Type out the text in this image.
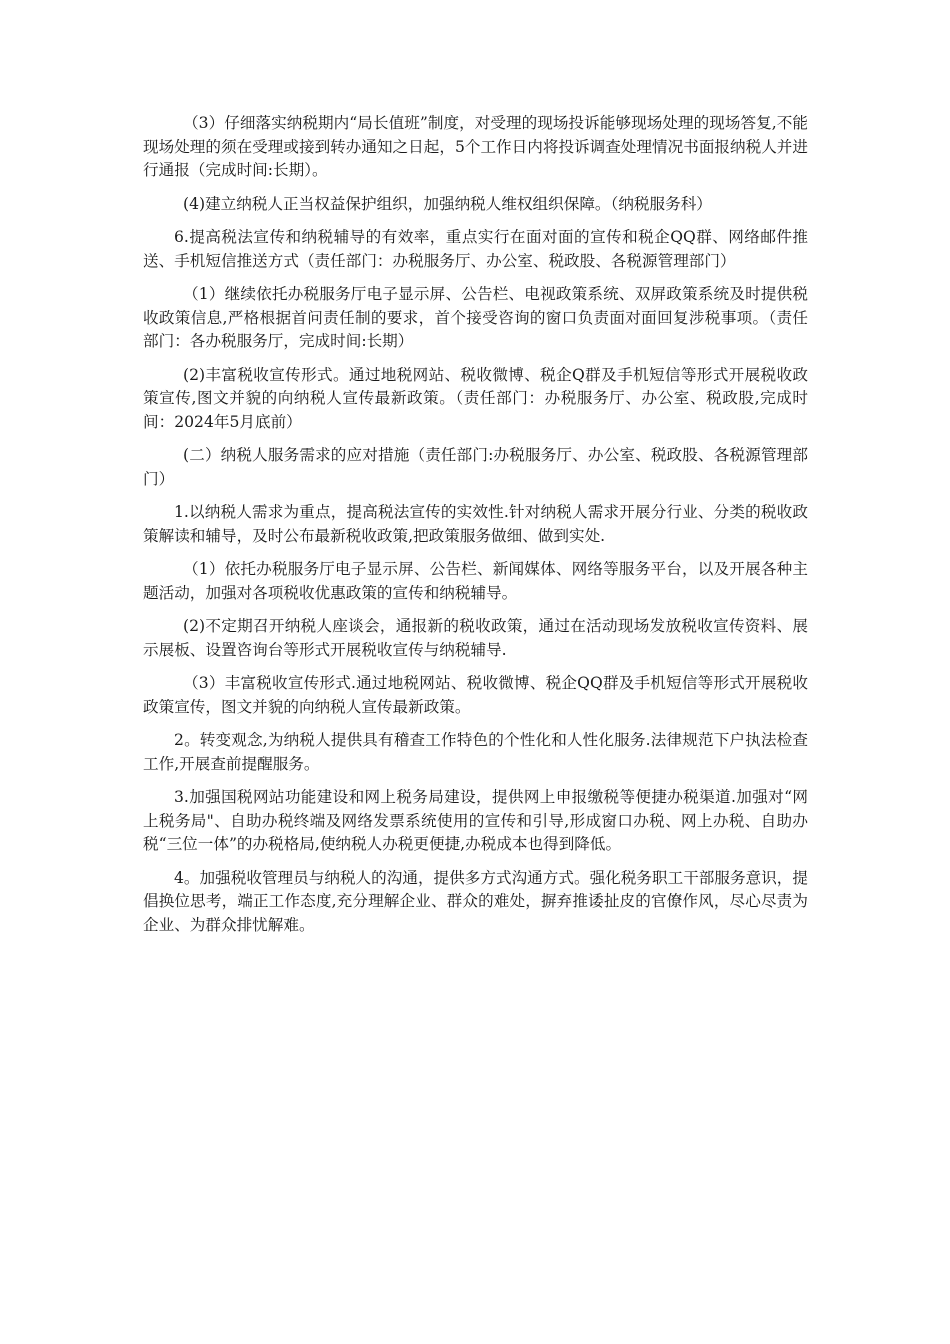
（3）仔细落实纳税期内“局长值班”制度，对受理的现场投诉能够现场处理的现场答复,不能现场处理的须在受理或接到转办通知之日起，5个工作日内将投诉调查处理情况书面报纳税人并进行通报（完成时间:长期）。

(4)建立纳税人正当权益保护组织，加强纳税人维权组织保障。（纳税服务科）

6.提高税法宣传和纳税辅导的有效率，重点实行在面对面的宣传和税企QQ群、网络邮件推送、手机短信推送方式（责任部门：办税服务厅、办公室、税政股、各税源管理部门）

（1）继续依托办税服务厅电子显示屏、公告栏、电视政策系统、双屏政策系统及时提供税收政策信息,严格根据首问责任制的要求，首个接受咨询的窗口负责面对面回复涉税事项。（责任部门：各办税服务厅，完成时间:长期）

(2)丰富税收宣传形式。通过地税网站、税收微博、税企Q群及手机短信等形式开展税收政策宣传,图文并貌的向纳税人宣传最新政策。（责任部门：办税服务厅、办公室、税政股,完成时间：2024年5月底前）

(二）纳税人服务需求的应对措施（责任部门:办税服务厅、办公室、税政股、各税源管理部门）

1.以纳税人需求为重点，提高税法宣传的实效性.针对纳税人需求开展分行业、分类的税收政策解读和辅导，及时公布最新税收政策,把政策服务做细、做到实处.

（1）依托办税服务厅电子显示屏、公告栏、新闻媒体、网络等服务平台，以及开展各种主题活动，加强对各项税收优惠政策的宣传和纳税辅导。

(2)不定期召开纳税人座谈会，通报新的税收政策，通过在活动现场发放税收宣传资料、展示展板、设置咨询台等形式开展税收宣传与纳税辅导.

（3）丰富税收宣传形式.通过地税网站、税收微博、税企QQ群及手机短信等形式开展税收政策宣传，图文并貌的向纳税人宣传最新政策。

2。转变观念,为纳税人提供具有稽查工作特色的个性化和人性化服务.法律规范下户执法检查工作,开展查前提醒服务。

3.加强国税网站功能建设和网上税务局建设，提供网上申报缴税等便捷办税渠道.加强对“网上税务局"、自助办税终端及网络发票系统使用的宣传和引导,形成窗口办税、网上办税、自助办税“三位一体”的办税格局,使纳税人办税更便捷,办税成本也得到降低。

4。加强税收管理员与纳税人的沟通，提供多方式沟通方式。强化税务职工干部服务意识，提倡换位思考，端正工作态度,充分理解企业、群众的难处，摒弃推诿扯皮的官僚作风，尽心尽责为企业、为群众排忧解难。
